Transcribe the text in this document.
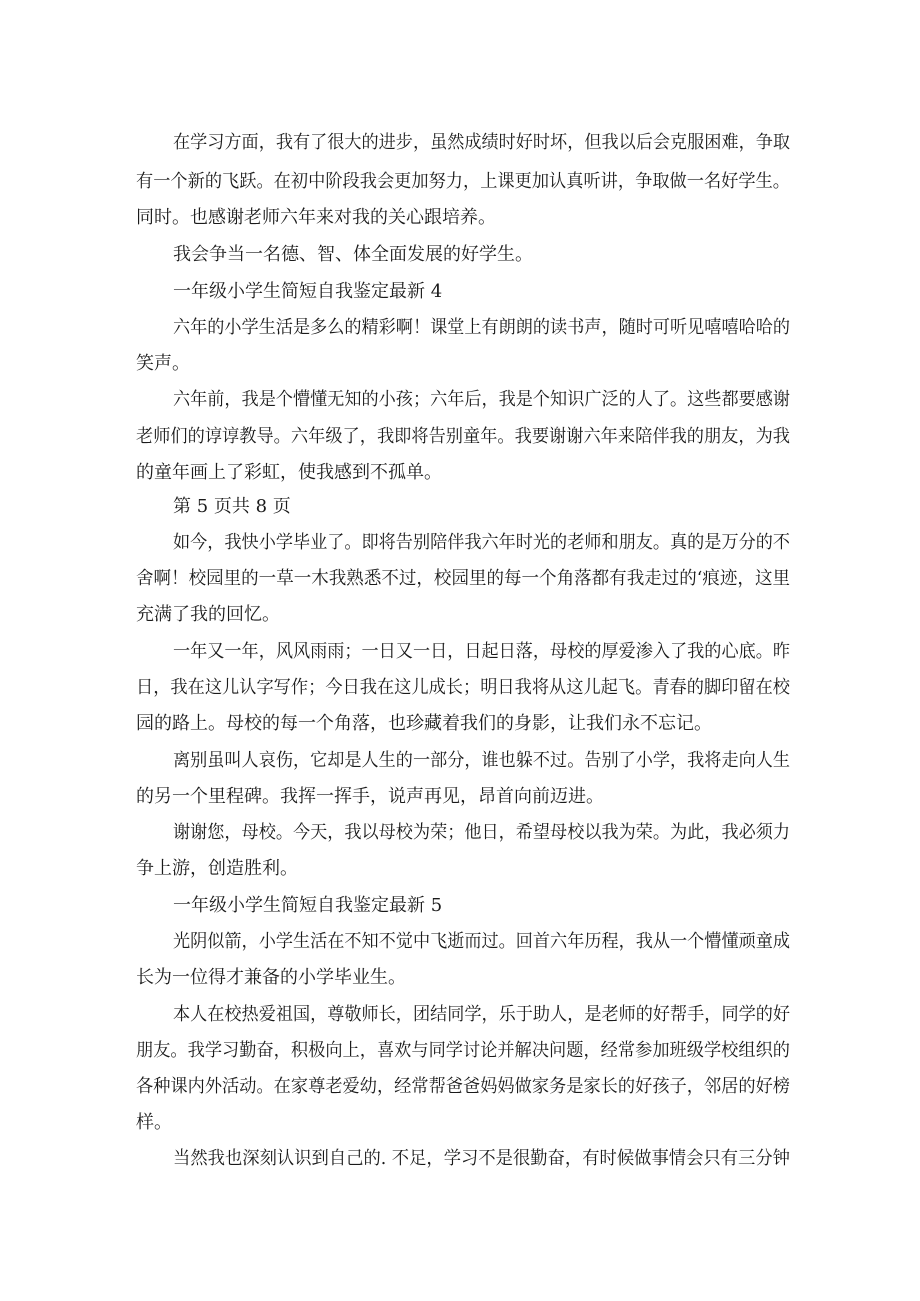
在学习方面，我有了很大的进步，虽然成绩时好时坏，但我以后会克服困难，争取
有一个新的飞跃。在初中阶段我会更加努力，上课更加认真听讲，争取做一名好学生。
同时。也感谢老师六年来对我的关心跟培养。
我会争当一名德、智、体全面发展的好学生。
一年级小学生简短自我鉴定最新 4
六年的小学生活是多么的精彩啊！课堂上有朗朗的读书声，随时可听见嘻嘻哈哈的
笑声。
六年前，我是个懵懂无知的小孩；六年后，我是个知识广泛的人了。这些都要感谢
老师们的谆谆教导。六年级了，我即将告别童年。我要谢谢六年来陪伴我的朋友，为我
的童年画上了彩虹，使我感到不孤单。
第 5 页共 8 页
如今，我快小学毕业了。即将告别陪伴我六年时光的老师和朋友。真的是万分的不
舍啊！校园里的一草一木我熟悉不过，校园里的每一个角落都有我走过的‘痕迹，这里
充满了我的回忆。
一年又一年，风风雨雨；一日又一日，日起日落，母校的厚爱渗入了我的心底。昨
日，我在这儿认字写作；今日我在这儿成长；明日我将从这儿起飞。青春的脚印留在校
园的路上。母校的每一个角落，也珍藏着我们的身影，让我们永不忘记。
离别虽叫人哀伤，它却是人生的一部分，谁也躲不过。告别了小学，我将走向人生
的另一个里程碑。我挥一挥手，说声再见，昂首向前迈进。
谢谢您，母校。今天，我以母校为荣；他日，希望母校以我为荣。为此，我必须力
争上游，创造胜利。
一年级小学生简短自我鉴定最新 5
光阴似箭，小学生活在不知不觉中飞逝而过。回首六年历程，我从一个懵懂顽童成
长为一位得才兼备的小学毕业生。
本人在校热爱祖国，尊敬师长，团结同学，乐于助人，是老师的好帮手，同学的好
朋友。我学习勤奋，积极向上，喜欢与同学讨论并解决问题，经常参加班级学校组织的
各种课内外活动。在家尊老爱幼，经常帮爸爸妈妈做家务是家长的好孩子，邻居的好榜
样。
当然我也深刻认识到自己的. 不足，学习不是很勤奋，有时候做事情会只有三分钟
